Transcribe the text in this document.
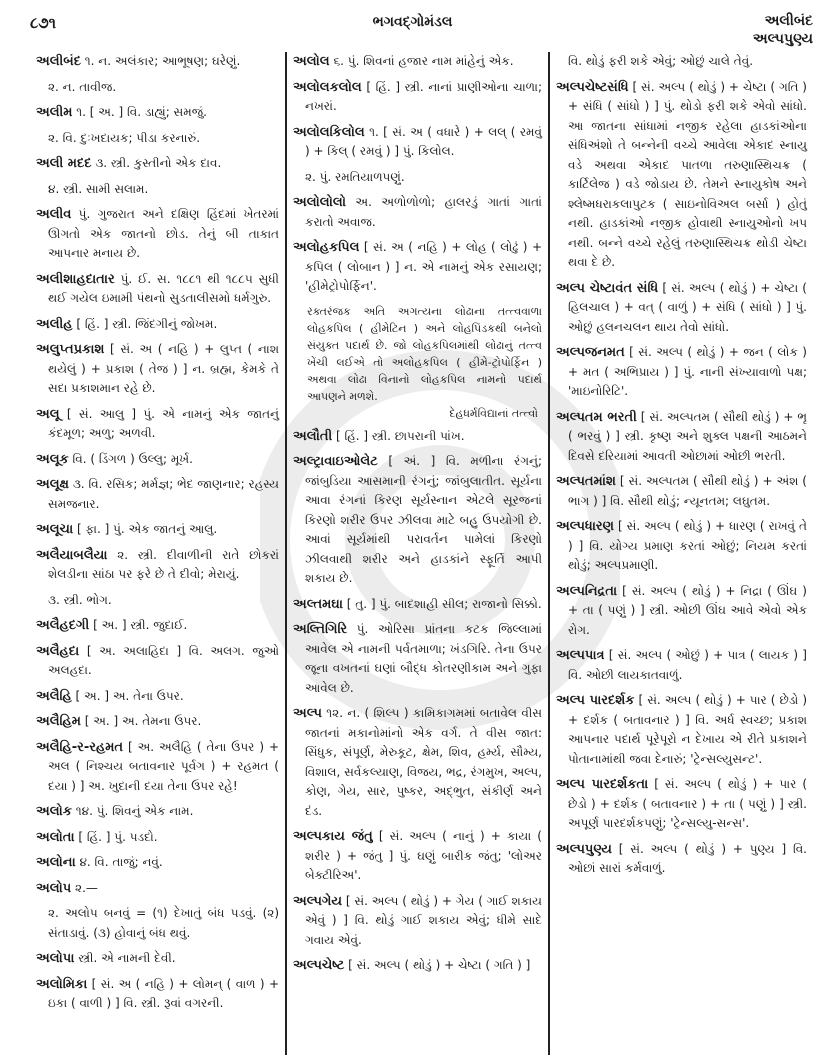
૮૭૧	ભગવદ્ગોમંડલ	અલીબંદ
અલ્પપુણ્ય

અલીબંદ ૧. ન. અલંકાર; આભૂષણ; ઘરેણું.

૨. ન. તાવીજ.

અલીમ ૧. [ અ. ] વિ. ડાહ્યું; સમજું.

૨. વિ. દુઃખદાયક; પીડા કરનારું.

અલી મદદ ૩. સ્ત્રી. કુસ્તીનો એક દાવ.

૪. સ્ત્રી. સામી સલામ.

અલીવ પું. ગુજરાત અને દક્ષિણ હિંદમાં ખેતરમાં ઊગતો એક જાતનો છોડ. તેનું બી તાકાત આપનાર મનાય છે.

અલીશાહદાતાર પું. ઈ. સ. ૧૮૮૧ થી ૧૮૮૫ સુધી થઈ ગયેલ ઇમામી પંથનો સુડતાલીસમો ધર્મગુરુ.

અલીહ [ હિં. ] સ્ત્રી. જિંદગીનું જોખમ.

અલુપ્તપ્રકાશ [ સં. અ ( નહિ ) + લુપ્ત ( નાશ થયેલું ) + પ્રકાશ ( તેજ ) ] ન. બ્રહ્મ, કેમકે તે સદા પ્રકાશમાન રહે છે.

અલૂ [ સં. આલુ ] પું. એ નામનું એક જાતનું કંદમૂળ; અળુ; અળવી.

અલૂક વિ. ( ડિંગળ ) ઉલ્લુ; મૂર્ખ.

અલૂક્ષ ૩. વિ. રસિક; મર્મજ્ઞ; ભેદ જાણનાર; રહસ્ય સમજનાર.

અલૂચા [ ફા. ] પું. એક જાતનું આલુ.

અલૈયાબલૈયા ૨. સ્ત્રી. દીવાળીની રાતે છોકરાં શેલડીના સાંઠા પર ફરે છે તે દીવો; મેરાયું.

૩. સ્ત્રી. ભોગ.

અલૈહદગી [ અ. ] સ્ત્રી. જુદાઈ.

અલૈહદા [ અ. અલાહિદા ] વિ. અલગ. જુઓ અલહદા.

અલૈહિ [ અ. ] અ. તેના ઉપર.

અલૈહિમ [ અ. ] અ. તેમના ઉપર.

અલૈહિ-ર-રહમત [ અ. અલૈહિ ( તેના ઉપર ) + અલ ( નિશ્ચય બતાવનાર પૂર્વગ ) + રહમત ( દયા ) ] અ. ખુદાની દયા તેના ઉપર રહે!

અલોક ૧૪. પું. શિવનું એક નામ.

અલોતા [ હિં. ] પું. પડદો.

અલોના ૪. વિ. તાજું; નવું.

અલોપ ૨.—

૨. અલોપ બનવું = (૧) દેખાતું બંધ પડવું. (૨) સંતાડાવું. (૩) હોવાનું બંધ થવું.

અલોપા સ્ત્રી. એ નામની દેવી.

અલોમિકા [ સં. અ ( નહિ ) + લોમન્ ( વાળ ) + ઇકા ( વાળી ) ] વિ. સ્ત્રી. રૂવાં વગરની.

અલોલ ૬. પું. શિવનાં હજાર નામ માંહેનું એક.

અલોલકલોલ [ હિં. ] સ્ત્રી. નાનાં પ્રાણીઓના ચાળા; નખરાં.

અલોલકિલોલ ૧. [ સં. અ ( વધારે ) + લલ્ ( રમવું ) + કિલ્ ( રમવું ) ] પું. કિલોલ.

૨. પું. રમતિયાળપણું.

અલોલોલો અ. અળોળોળો; હાલરડું ગાતાં ગાતાં કરાતો અવાજ.

અલોહકપિલ [ સં. અ ( નહિ ) + લોહ ( લોઢું ) + કપિલ ( લોબાન ) ] ન. એ નામનું એક રસાયણ; 'હીમેટ્રોપોર્ફિન'.

રક્તરંજક અતિ અગત્યના લોઢાના તત્ત્વવાળા લોહકપિલ ( હીમેટિન ) અને લોહપિંડકથી બનેલો સંયુક્ત પદાર્થ છે. જો લોહકપિલમાંથી લોઢાનું તત્ત્વ ખેંચી લઈએ તો અલોહકપિલ ( હીમે-ટ્રોપોર્ફિન ) અથવા લોઢા વિનાનો લોહકપિલ નામનો પદાર્થ આપણને મળશે.

દેહધર્મવિદ્યાનાં તત્ત્વો

અલૌતી [ હિં. ] સ્ત્રી. છાપરાની પાંખ.

અલ્ટ્રાવાઇઓલેટ [ અં. ] વિ. મળીના રંગનું; જાંબુડિયા આસમાની રંગનું; જાંબુલાતીત. સૂર્યના આવા રંગનાં કિરણ સૂર્યસ્નાન એટલે સૂરજનાં કિરણો શરીર ઉપર ઝીલવા માટે બહુ ઉપયોગી છે. આવાં સૂર્યમાંથી પરાવર્તન પામેલાં કિરણો ઝીલવાથી શરીર અને હાડકાંને સ્ફૂર્તિ આપી શકાય છે.

અલ્તમઘા [ તુ. ] પું. બાદશાહી સીલ; રાજાનો સિક્કો.

અલ્તિગિરિ પું. ઓરિસા પ્રાંતના કટક જિલ્લામાં આવેલ એ નામની પર્વતમાળા; ખંડગિરિ. તેના ઉપર જૂના વખતનાં ઘણાં બૌદ્ધ કોતરણીકામ અને ગુફા આવેલ છે.

અલ્પ ૧૨. ન. ( શિલ્પ ) કામિકાગમમાં બતાવેલ વીસ જાતનાં મકાનોમાંનો એક વર્ગ. તે વીસ જાત: સિંધુક, સંપૂર્ણ, મેરુકૂટ, ક્ષેમ, શિવ, હર્મ્ય, સૌમ્ય, વિશાલ, સર્વકલ્યાણ, વિજય, ભદ્ર, રંગમુખ, અલ્પ, કોણ, ગેય, સાર, પુષ્કર, અદ્ભુત, સંકીર્ણ અને દંડ.

અલ્પકાય જંતુ [ સં. અલ્પ ( નાનું ) + કાયા ( શરીર ) + જંતુ ] પું. ઘણું બારીક જંતુ; 'લોઅર બેક્ટીરિઅ'.

અલ્પગેય [ સં. અલ્પ ( થોડું ) + ગેય ( ગાઈ શકાય એવું ) ] વિ. થોડું ગાઈ શકાય એવું; ધીમે સાદે ગવાય એવું.

અલ્પચેષ્ટ [ સં. અલ્પ ( થોડું ) + ચેષ્ટા ( ગતિ ) ]

વિ. થોડું ફરી શકે એવું; ઓછું ચાલે તેવું.

અલ્પચેષ્ટસંધિ [ સં. અલ્પ ( થોડું ) + ચેષ્ટા ( ગતિ ) + સંધિ ( સાંધો ) ] પું. થોડો ફરી શકે એવો સાંધો. આ જાતના સાંધામાં નજીક રહેલા હાડકાંઓના સંધિઅંશો તે બન્નેની વચ્ચે આવેલા એકાદ સ્નાયુ વડે અથવા એકાદ પાતળા તરુણાસ્થિચક્ર ( કાર્ટિલેજ ) વડે જોડાય છે. તેમને સ્નાયુકોષ અને શ્લેષ્મધરાકલાપુટક ( સાઇનોવિઅલ બર્સા ) હોતું નથી. હાડકાંઓ નજીક હોવાથી સ્નાયુઓનો ખપ નથી. બન્ને વચ્ચે રહેલું તરુણાસ્થિચક્ર થોડી ચેષ્ટા થવા દે છે.

અલ્પ ચેષ્ટાવંત સંધિ [ સં. અલ્પ ( થોડું ) + ચેષ્ટા ( હિલચાલ ) + વત્ ( વાળું ) + સંધિ ( સાંધો ) ] પું. ઓછું હલનચલન થાય તેવો સાંધો.

અલ્પજનમત [ સં. અલ્પ ( થોડું ) + જન ( લોક ) + મત ( અભિપ્રાય ) ] પું. નાની સંખ્યાવાળો પક્ષ; 'માઇનોરિટિ'.

અલ્પતમ ભરતી [ સં. અલ્પતમ ( સૌથી થોડું ) + ભૃ ( ભરવું ) ] સ્ત્રી. કૃષ્ણ અને શુક્લ પક્ષની આઠમને દિવસે દરિયામાં આવતી ઓછામાં ઓછી ભરતી.

અલ્પતમાંશ [ સં. અલ્પતમ ( સૌથી થોડું ) + અંશ ( ભાગ ) ] વિ. સૌથી થોડું; ન્યૂનતમ; લઘુતમ.

અલ્પધારણ [ સં. અલ્પ ( થોડું ) + ધારણ ( રાખવું તે ) ] વિ. યોગ્ય પ્રમાણ કરતાં ઓછું; નિયમ કરતાં થોડું; અલ્પપ્રમાણી.

અલ્પનિદ્રતા [ સં. અલ્પ ( થોડું ) + નિદ્રા ( ઊંઘ ) + તા ( પણું ) ] સ્ત્રી. ઓછી ઊંઘ આવે એવો એક રોગ.

અલ્પપાત્ર [ સં. અલ્પ ( ઓછું ) + પાત્ર ( લાયક ) ] વિ. ઓછી લાયકાતવાળું.

અલ્પ પારદર્શક [ સં. અલ્પ ( થોડું ) + પાર ( છેડો ) + દર્શક ( બતાવનાર ) ] વિ. અર્ધ સ્વચ્છ; પ્રકાશ આપનાર પદાર્થ પૂરેપૂરો ન દેખાય એ રીતે પ્રકાશને પોતાનામાંથી જવા દેનારું; 'ટ્રેન્સલ્યુસન્ટ'.

અલ્પ પારદર્શકતા [ સં. અલ્પ ( થોડું ) + પાર ( છેડો ) + દર્શક ( બતાવનાર ) + તા ( પણું ) ] સ્ત્રી. અપૂર્ણ પારદર્શકપણું; 'ટ્રેન્સલ્યુ-સન્સ'.

અલ્પપુણ્ય [ સં. અલ્પ ( થોડું ) + પુણ્ય ] વિ. ઓછાં સારાં કર્મવાળું.
